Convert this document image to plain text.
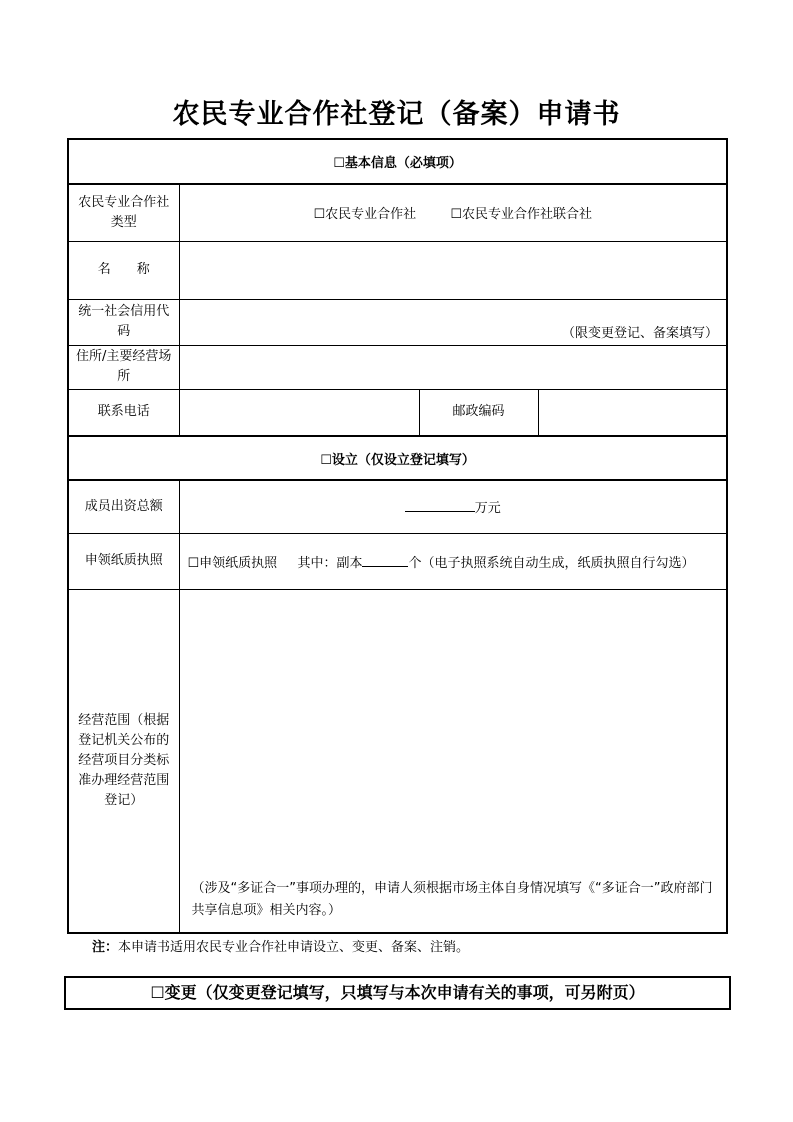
农民专业合作社登记（备案）申请书
☐基本信息（必填项）			
农民专业合作社类型	☐农民专业合作社 ☐农民专业合作社联合社		
名　　称			
统一社会信用代码	（限变更登记、备案填写）		
住所/主要经营场所			
联系电话		邮政编码	
☐设立（仅设立登记填写）			
成员出资总额	万元		
申领纸质执照	☐申领纸质执照 其中：副本 个（电子执照系统自动生成，纸质执照自行勾选）		
经营范围（根据登记机关公布的经营项目分类标准办理经营范围登记）	（涉及“多证合一”事项办理的，申请人须根据市场主体自身情况填写《“多证合一”政府部门共享信息项》相关内容。）		
注：本申请书适用农民专业合作社申请设立、变更、备案、注销。
☐变更（仅变更登记填写，只填写与本次申请有关的事项，可另附页）
